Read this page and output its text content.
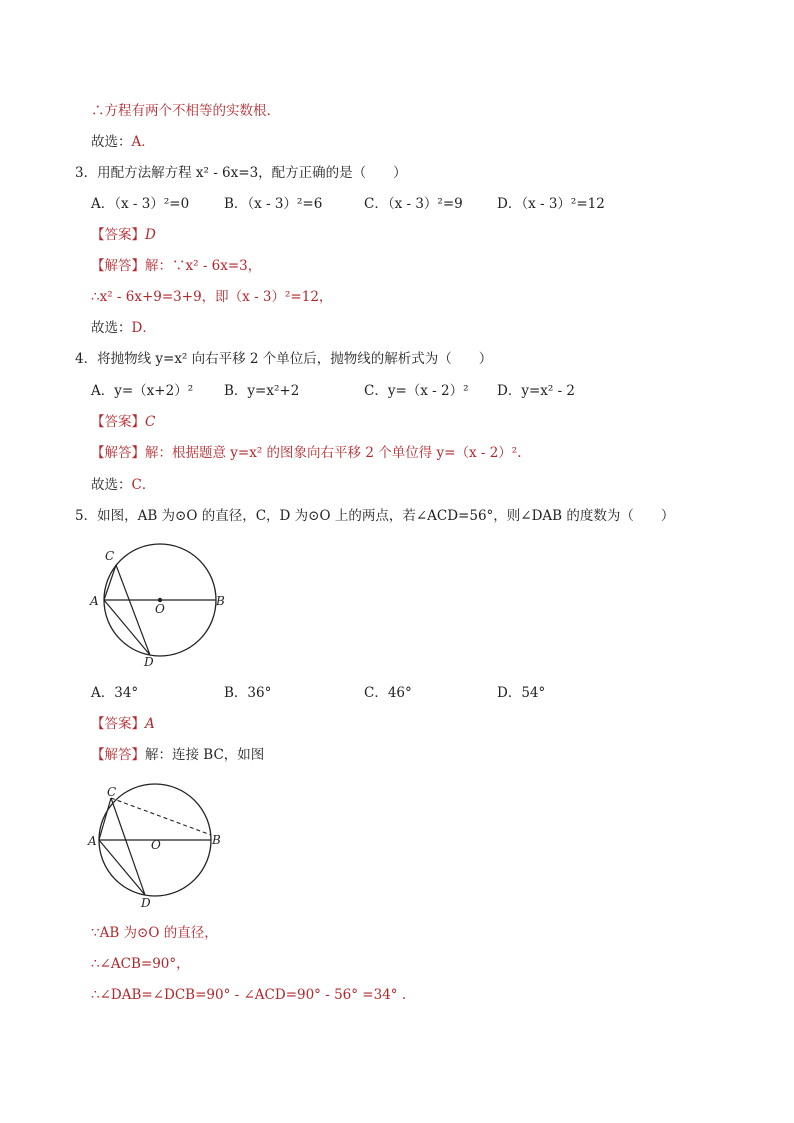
∴方程有两个不相等的实数根.
故选：A．
3．用配方法解方程 x² - 6x=3，配方正确的是（　　）
A．（x - 3）²=0	B．（x - 3）²=6	C．（x - 3）²=9	D．（x - 3）²=12
【答案】D
【解答】解：∵x² - 6x=3，
∴x² - 6x+9=3+9，即（x - 3）²=12，
故选：D．
4．将抛物线 y=x² 向右平移 2 个单位后，抛物线的解析式为（　　）
A．y=（x+2）² B．y=x²+2	C．y=（x - 2）² D．y=x² - 2
【答案】C
【解答】解：根据题意 y=x² 的图象向右平移 2 个单位得 y=（x - 2）².
故选：C．
5．如图，AB 为⊙O 的直径，C，D 为⊙O 上的两点，若∠ACD=56°，则∠DAB 的度数为（　　）
C
A
O
B
D
A．34°	B．36°	C．46°	D．54°
【答案】A
【解答】解：连接 BC，如图
C
A	O	B
D
∵AB 为⊙O 的直径，
∴∠ACB=90°，
∴∠DAB=∠DCB=90° - ∠ACD=90° - 56° =34° .
